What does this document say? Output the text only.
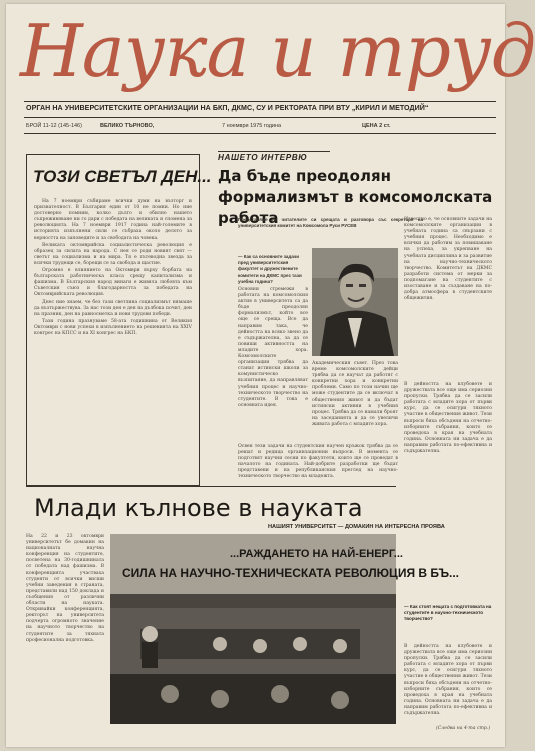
Наука и труд
ОРГАН НА УНИВЕРСИТЕТСКИТЕ ОРГАНИЗАЦИИ НА БКП, ДКМС, СУ И РЕКТОРАТА ПРИ ВТУ „КИРИЛ И МЕТОДИЙ“
БРОЙ 11-12 (145-146)	ВЕЛИКО ТЪРНОВО,	7 ноември 1975 година	ЦЕНА 2 ст.
ТОЗИ СВЕТЪЛ ДЕН...

На 7 ноември събираме всички думи на възторг и признателност. В България един от 10 не помни. Но ние достоверно помним, колко дълго и обилно нашето съпреживяване ни го дари с победата на великата и спомена за революцията. На 7 ноември 1917 година най-големите в историята изпълнени сили се събраха около делото за верността на заповедите и за свободата на човека.

Великата октомврийска социалистическа революция е образец за силата на народа. С нея се роди новият свят — светът на социализма и на мира. Тя е пътеводна звезда за всички трудещи се, борещи се за свобода и щастие.

Огромно е влиянието на Октомври върху борбата на българската работническа класа срещу капитализма и фашизма. В Българския народ винаги е живяла любовта към Съветския съюз и благодарността за победата на Октомврийската революция.

Днес ние знаем, че без тази светлина социализмът нямаше да възтържествува. За нас този ден е ден на дълбока почит, ден на празник, ден на равносметка и нови трудови победи.

Тази година празнуваме 58-ата годишнина от Великия Октомври с нови успехи в изпълнението на решенията на XXIV конгрес на КПСС и на XI конгрес на БКП.

НАШЕТО ИНТЕРВЮ
Да бъде преодолян формализмът в комсомолската работа
Представяме на читателите си срещата и разговора със секретаря на университетския комитет на Комсомола Руси РУСЕВ
— Как са основните задачи пред университетския факултет и дружествените комитети на ДКМС през тази учебна година?
Основни стремежи в работата на комсомолския актив в университета са да бъде преодолян формализмът, който все още се среща. Все да направим така, че дейността на всяко звено да е съдържателна, за да се повиши активността на младите хора. Комсомолските организации трябва да станат истински школи за комунистическо възпитание, да направляват учебния процес и научно-техническото творчество на студентите. В това е основната идея.
Академическия съвет. През това време комсомолските дейци трябва да се научат да работят с конкретни хора и конкретни проблеми. Само по този начин ще може студентите да се включат в обществения живот и да бъдат истински активни в учебния процес. Трябва да се намали броят на заседанията и да се увеличи живата работа с младите хора.
Известно е, че основните задачи на комсомолските организации в учебната година са свързани с учебния процес. Необходимо е всички да работим за повишаване на успеха, за укрепване на учебната дисциплина и за развитие на научно-техническото творчество. Комитетът на ДКМС разработи система от мерки за подпомагане на студентите с изоставане и за създаване на по-добра атмосфера в студентските общежития.
В дейността на клубовете и дружествата все още има сериозни пропуски. Трябва да се засили работата с младите хора от първи курс, да се осигури тяхното участие в обществения живот. Тези въпроси бяха обсъдени на отчетно-изборните събрания, които се проведоха в края на учебната година. Основната ни задача е да направим работата по-ефективна и съдържателна.
— Как стоят нещата с подготовката на студентите в научно-техническото творчество?
В дейността на клубовете и дружествата все още има сериозни пропуски. Трябва да се засили работата с младите хора от първи курс, да се осигури тяхното участие в обществения живот. Тези въпроси бяха обсъдени на отчетно-изборните събрания, които се проведоха в края на учебната година. Основната ни задача е да направим работата по-ефективна и съдържателна.
(Следва на 4-та стр.)
Млади кълнове в науката
НАШИЯТ УНИВЕРСИТЕТ — ДОМАКИН НА ИНТЕРЕСНА ПРОЯВА
На 22 и 23 октомври университетът бе домакин на националната научна конференция на студентите, посветена на 30-годишнината от победата над фашизма. В конференцията участваха студенти от всички висши учебни заведения в страната, представили над 150 доклада и съобщения от различни области на науката. Откривайки конференцията, ректорът на университета подчерта огромното значение на научното творчество на студентите за тяхната професионална подготовка.
...РАЖДАНЕТО НА НАЙ-ЕНЕРГ...
СИЛА НА НАУЧНО-ТЕХНИЧЕСКАТА РЕВОЛЮЦИЯ В БЪ...
Освен тези задачи на студентския научен кръжок трябва да се решат и редица организационни въпроси. В момента се подготвят научни сесии по факултети, които ще се проведат в началото на годината. Най-добрите разработки ще бъдат представени и на републиканския преглед на научно-техническото творчество на младежта.
